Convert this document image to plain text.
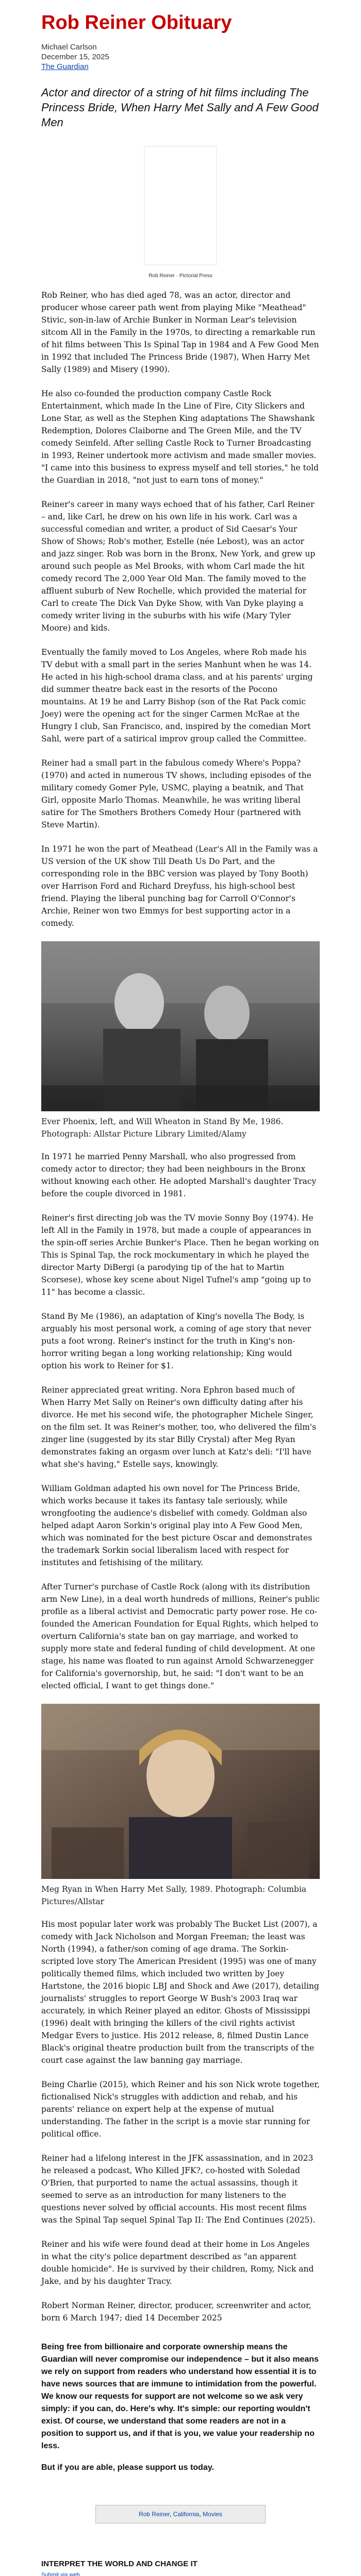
Rob Reiner Obituary
Michael Carlson
December 15, 2025
The Guardian
Actor and director of a string of hit films including The Princess Bride, When Harry Met Sally and A Few Good Men
Rob Reiner · Pictorial Press

Rob Reiner, who has died aged 78, was an actor, director and producer whose career path went from playing Mike "Meathead" Stivic, son-in-law of Archie Bunker in Norman Lear's television sitcom All in the Family in the 1970s, to directing a remarkable run of hit films between This Is Spinal Tap in 1984 and A Few Good Men in 1992 that included The Princess Bride (1987), When Harry Met Sally (1989) and Misery (1990).

He also co-founded the production company Castle Rock Entertainment, which made In the Line of Fire, City Slickers and Lone Star, as well as the Stephen King adaptations The Shawshank Redemption, Dolores Claiborne and The Green Mile, and the TV comedy Seinfeld. After selling Castle Rock to Turner Broadcasting in 1993, Reiner undertook more activism and made smaller movies. "I came into this business to express myself and tell stories," he told the Guardian in 2018, "not just to earn tons of money."

Reiner's career in many ways echoed that of his father, Carl Reiner – and, like Carl, he drew on his own life in his work. Carl was a successful comedian and writer, a product of Sid Caesar's Your Show of Shows; Rob's mother, Estelle (née Lebost), was an actor and jazz singer. Rob was born in the Bronx, New York, and grew up around such people as Mel Brooks, with whom Carl made the hit comedy record The 2,000 Year Old Man. The family moved to the affluent suburb of New Rochelle, which provided the material for Carl to create The Dick Van Dyke Show, with Van Dyke playing a comedy writer living in the suburbs with his wife (Mary Tyler Moore) and kids.

Eventually the family moved to Los Angeles, where Rob made his TV debut with a small part in the series Manhunt when he was 14. He acted in his high-school drama class, and at his parents' urging did summer theatre back east in the resorts of the Pocono mountains. At 19 he and Larry Bishop (son of the Rat Pack comic Joey) were the opening act for the singer Carmen McRae at the Hungry I club, San Francisco, and, inspired by the comedian Mort Sahl, were part of a satirical improv group called the Committee.

Reiner had a small part in the fabulous comedy Where's Poppa? (1970) and acted in numerous TV shows, including episodes of the military comedy Gomer Pyle, USMC, playing a beatnik, and That Girl, opposite Marlo Thomas. Meanwhile, he was writing liberal satire for The Smothers Brothers Comedy Hour (partnered with Steve Martin).

In 1971 he won the part of Meathead (Lear's All in the Family was a US version of the UK show Till Death Us Do Part, and the corresponding role in the BBC version was played by Tony Booth) over Harrison Ford and Richard Dreyfuss, his high-school best friend. Playing the liberal punching bag for Carroll O'Connor's Archie, Reiner won two Emmys for best supporting actor in a comedy.

Ever Phoenix, left, and Will Wheaton in Stand By Me, 1986. Photograph: Allstar Picture Library Limited/Alamy

In 1971 he married Penny Marshall, who also progressed from comedy actor to director; they had been neighbours in the Bronx without knowing each other. He adopted Marshall's daughter Tracy before the couple divorced in 1981.

Reiner's first directing job was the TV movie Sonny Boy (1974). He left All in the Family in 1978, but made a couple of appearances in the spin-off series Archie Bunker's Place. Then he began working on This is Spinal Tap, the rock mockumentary in which he played the director Marty DiBergi (a parodying tip of the hat to Martin Scorsese), whose key scene about Nigel Tufnel's amp "going up to 11" has become a classic.

Stand By Me (1986), an adaptation of King's novella The Body, is arguably his most personal work, a coming of age story that never puts a foot wrong. Reiner's instinct for the truth in King's non-horror writing began a long working relationship; King would option his work to Reiner for $1.

Reiner appreciated great writing. Nora Ephron based much of When Harry Met Sally on Reiner's own difficulty dating after his divorce. He met his second wife, the photographer Michele Singer, on the film set. It was Reiner's mother, too, who delivered the film's zinger line (suggested by its star Billy Crystal) after Meg Ryan demonstrates faking an orgasm over lunch at Katz's deli: "I'll have what she's having," Estelle says, knowingly.

William Goldman adapted his own novel for The Princess Bride, which works because it takes its fantasy tale seriously, while wrongfooting the audience's disbelief with comedy. Goldman also helped adapt Aaron Sorkin's original play into A Few Good Men, which was nominated for the best picture Oscar and demonstrates the trademark Sorkin social liberalism laced with respect for institutes and fetishising of the military.

After Turner's purchase of Castle Rock (along with its distribution arm New Line), in a deal worth hundreds of millions, Reiner's public profile as a liberal activist and Democratic party power rose. He co-founded the American Foundation for Equal Rights, which helped to overturn California's state ban on gay marriage, and worked to supply more state and federal funding of child development. At one stage, his name was floated to run against Arnold Schwarzenegger for California's governorship, but, he said: "I don't want to be an elected official, I want to get things done."

Meg Ryan in When Harry Met Sally, 1989. Photograph: Columbia Pictures/Allstar

His most popular later work was probably The Bucket List (2007), a comedy with Jack Nicholson and Morgan Freeman; the least was North (1994), a father/son coming of age drama. The Sorkin-scripted love story The American President (1995) was one of many politically themed films, which included two written by Joey Hartstone, the 2016 biopic LBJ and Shock and Awe (2017), detailing journalists' struggles to report George W Bush's 2003 Iraq war accurately, in which Reiner played an editor. Ghosts of Mississippi (1996) dealt with bringing the killers of the civil rights activist Medgar Evers to justice. His 2012 release, 8, filmed Dustin Lance Black's original theatre production built from the transcripts of the court case against the law banning gay marriage.

Being Charlie (2015), which Reiner and his son Nick wrote together, fictionalised Nick's struggles with addiction and rehab, and his parents' reliance on expert help at the expense of mutual understanding. The father in the script is a movie star running for political office.

Reiner had a lifelong interest in the JFK assassination, and in 2023 he released a podcast, Who Killed JFK?, co-hosted with Soledad O'Brien, that purported to name the actual assassins, though it seemed to serve as an introduction for many listeners to the questions never solved by official accounts. His most recent films was the Spinal Tap sequel Spinal Tap II: The End Continues (2025).

Reiner and his wife were found dead at their home in Los Angeles in what the city's police department described as "an apparent double homicide". He is survived by their children, Romy, Nick and Jake, and by his daughter Tracy.

Robert Norman Reiner, director, producer, screenwriter and actor, born 6 March 1947; died 14 December 2025

Being free from billionaire and corporate ownership means the Guardian will never compromise our independence – but it also means we rely on support from readers who understand how essential it is to have news sources that are immune to intimidation from the powerful. We know our requests for support are not welcome so we ask very simply: if you can, do. Here's why. It's simple: our reporting wouldn't exist. Of course, we understand that some readers are not in a position to support us, and if that is you, we value your readership no less.
But if you are able, please support us today.
Rob Reiner, California, Movies
INTERPRET THE WORLD AND CHANGE IT
Submit via web
